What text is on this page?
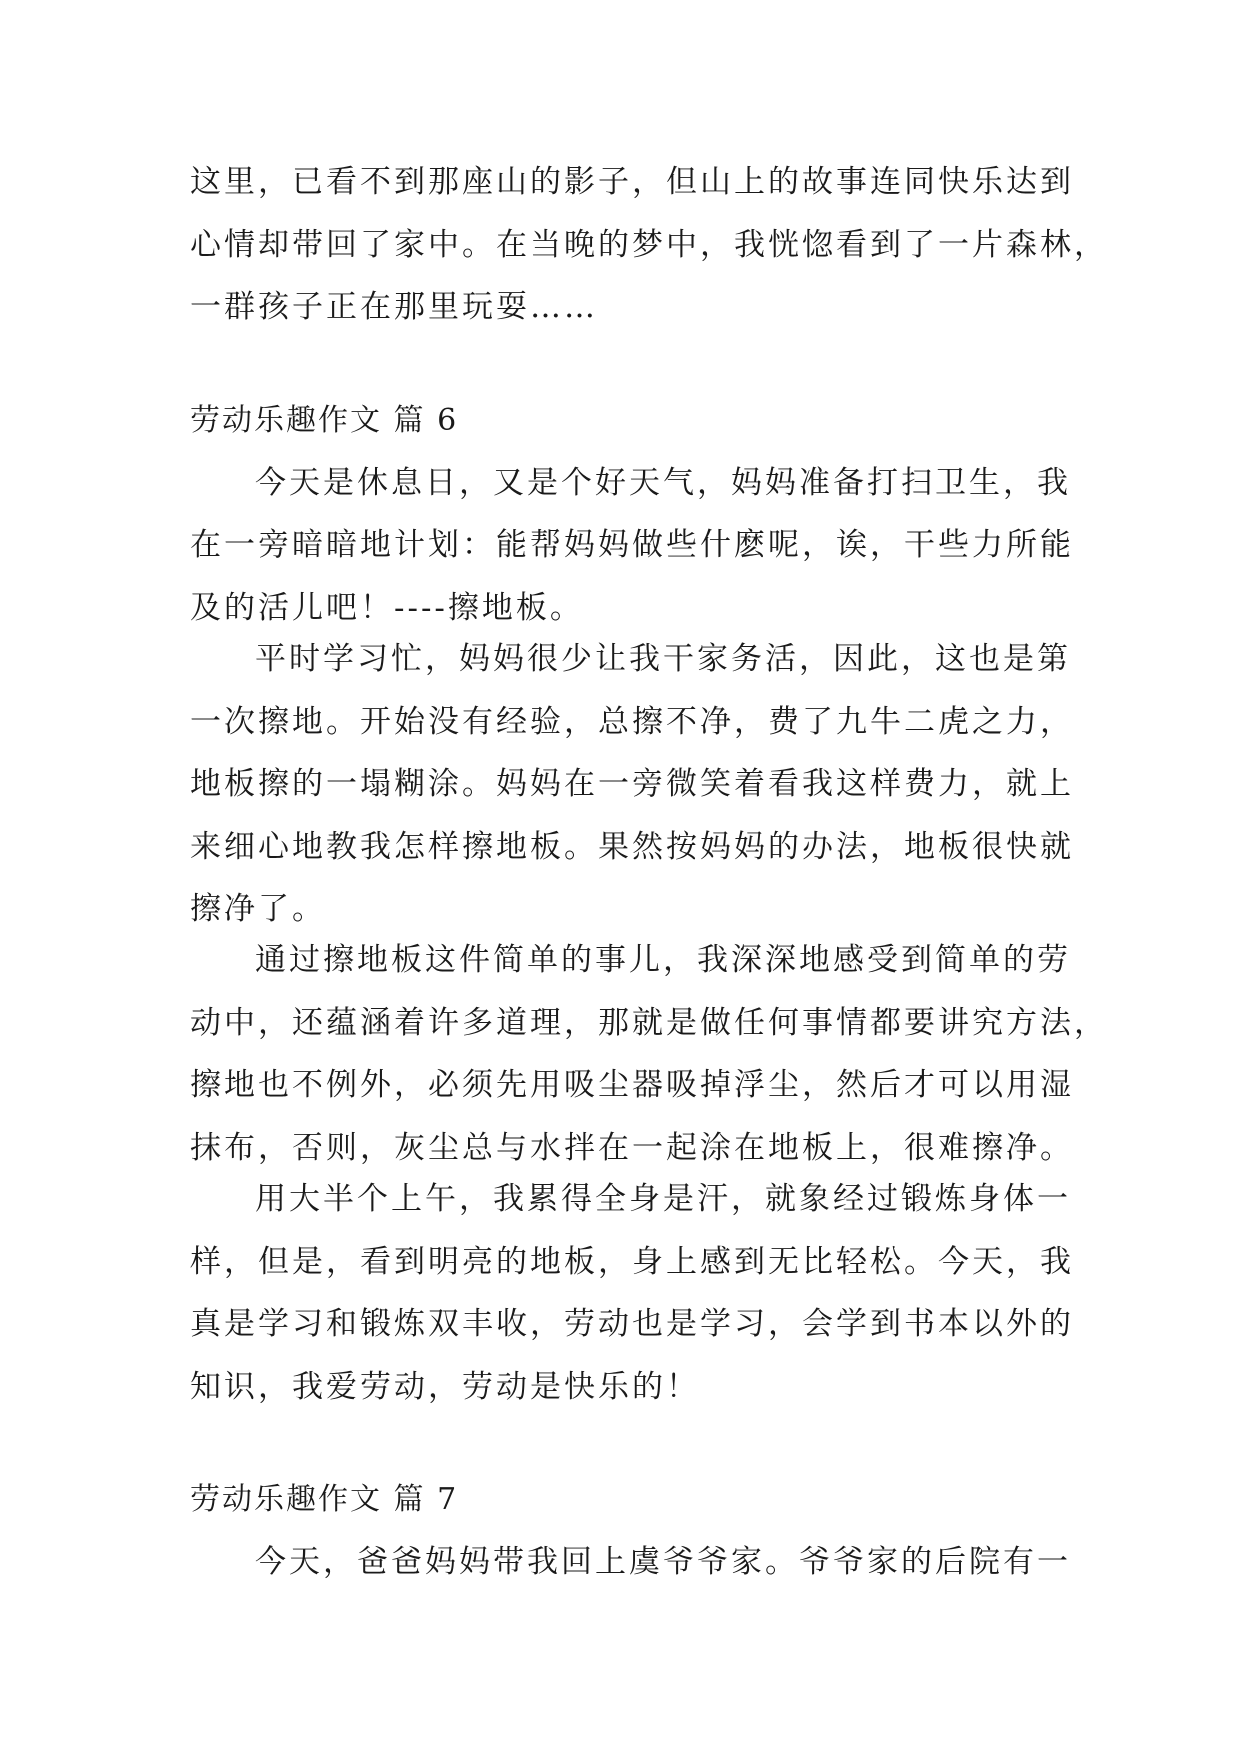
这里，已看不到那座山的影子，但山上的故事连同快乐达到

心情却带回了家中。在当晚的梦中，我恍惚看到了一片森林，

一群孩子正在那里玩耍……

劳动乐趣作文 篇 6

今天是休息日，又是个好天气，妈妈准备打扫卫生，我

在一旁暗暗地计划：能帮妈妈做些什麽呢，诶，干些力所能

及的活儿吧！----擦地板。

平时学习忙，妈妈很少让我干家务活，因此，这也是第

一次擦地。开始没有经验，总擦不净，费了九牛二虎之力，

地板擦的一塌糊涂。妈妈在一旁微笑着看我这样费力，就上

来细心地教我怎样擦地板。果然按妈妈的办法，地板很快就

擦净了。

通过擦地板这件简单的事儿，我深深地感受到简单的劳

动中，还蕴涵着许多道理，那就是做任何事情都要讲究方法，

擦地也不例外，必须先用吸尘器吸掉浮尘，然后才可以用湿

抹布，否则，灰尘总与水拌在一起涂在地板上，很难擦净。

用大半个上午，我累得全身是汗，就象经过锻炼身体一

样，但是，看到明亮的地板，身上感到无比轻松。今天，我

真是学习和锻炼双丰收，劳动也是学习，会学到书本以外的

知识，我爱劳动，劳动是快乐的！

劳动乐趣作文 篇 7

今天，爸爸妈妈带我回上虞爷爷家。爷爷家的后院有一
